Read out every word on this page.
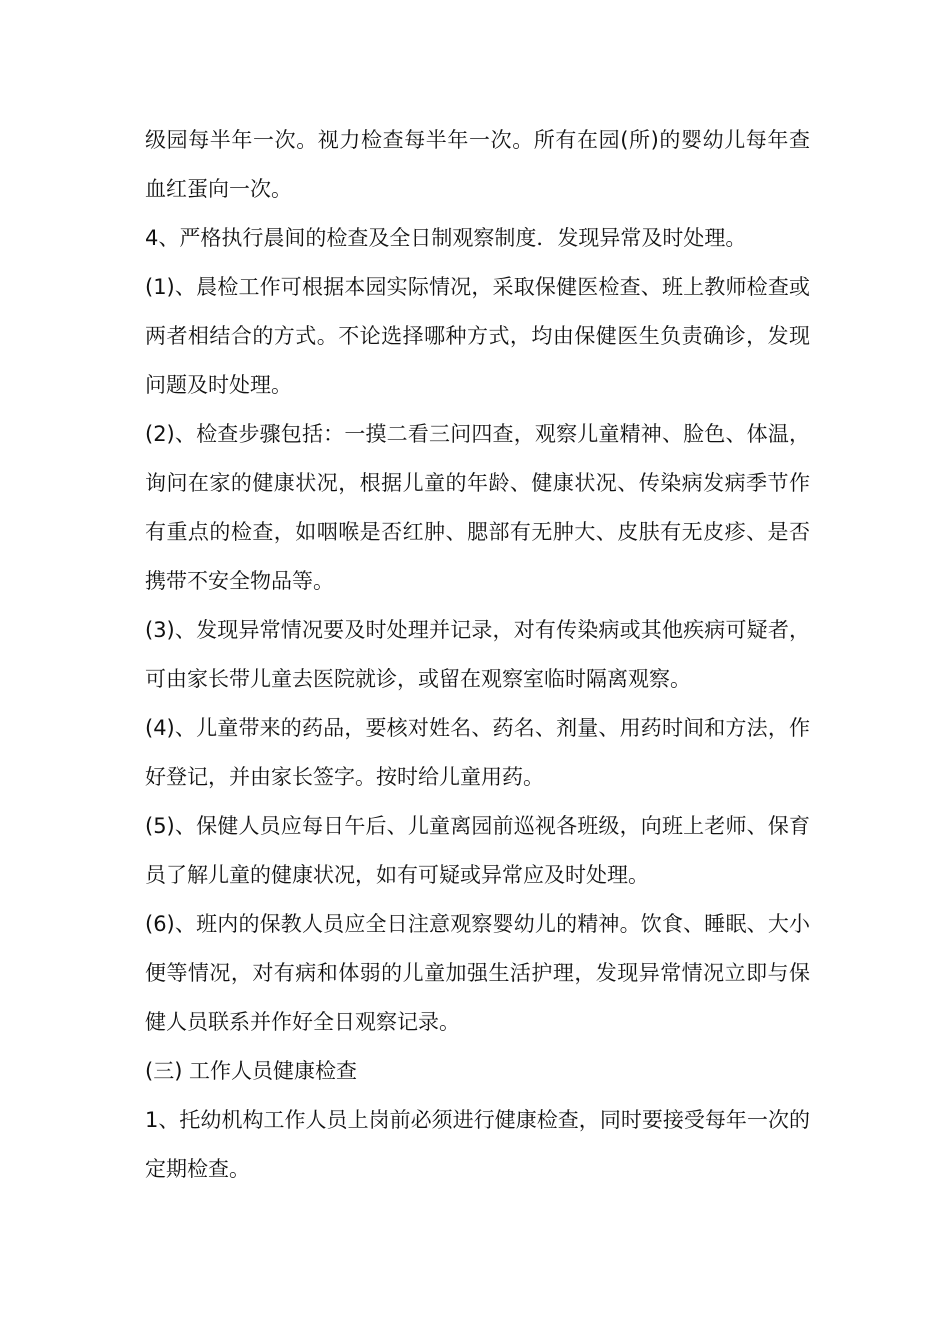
级园每半年一次。视力检查每半年一次。所有在园(所)的婴幼儿每年查血红蛋向一次。

4、严格执行晨间的检查及全日制观察制度．发现异常及时处理。

(1)、晨检工作可根据本园实际情况，采取保健医检查、班上教师检查或两者相结合的方式。不论选择哪种方式，均由保健医生负责确诊，发现问题及时处理。

(2)、检查步骤包括：一摸二看三问四查，观察儿童精神、脸色、体温，询问在家的健康状况，根据儿童的年龄、健康状况、传染病发病季节作有重点的检查，如咽喉是否红肿、腮部有无肿大、皮肤有无皮疹、是否携带不安全物品等。

(3)、发现异常情况要及时处理并记录，对有传染病或其他疾病可疑者，可由家长带儿童去医院就诊，或留在观察室临时隔离观察。

(4)、儿童带来的药品，要核对姓名、药名、剂量、用药时间和方法，作好登记，并由家长签字。按时给儿童用药。

(5)、保健人员应每日午后、儿童离园前巡视各班级，向班上老师、保育员了解儿童的健康状况，如有可疑或异常应及时处理。

(6)、班内的保教人员应全日注意观察婴幼儿的精神。饮食、睡眠、大小便等情况，对有病和体弱的儿童加强生活护理，发现异常情况立即与保健人员联系并作好全日观察记录。

(三) 工作人员健康检查

1、托幼机构工作人员上岗前必须进行健康检查，同时要接受每年一次的定期检查。
